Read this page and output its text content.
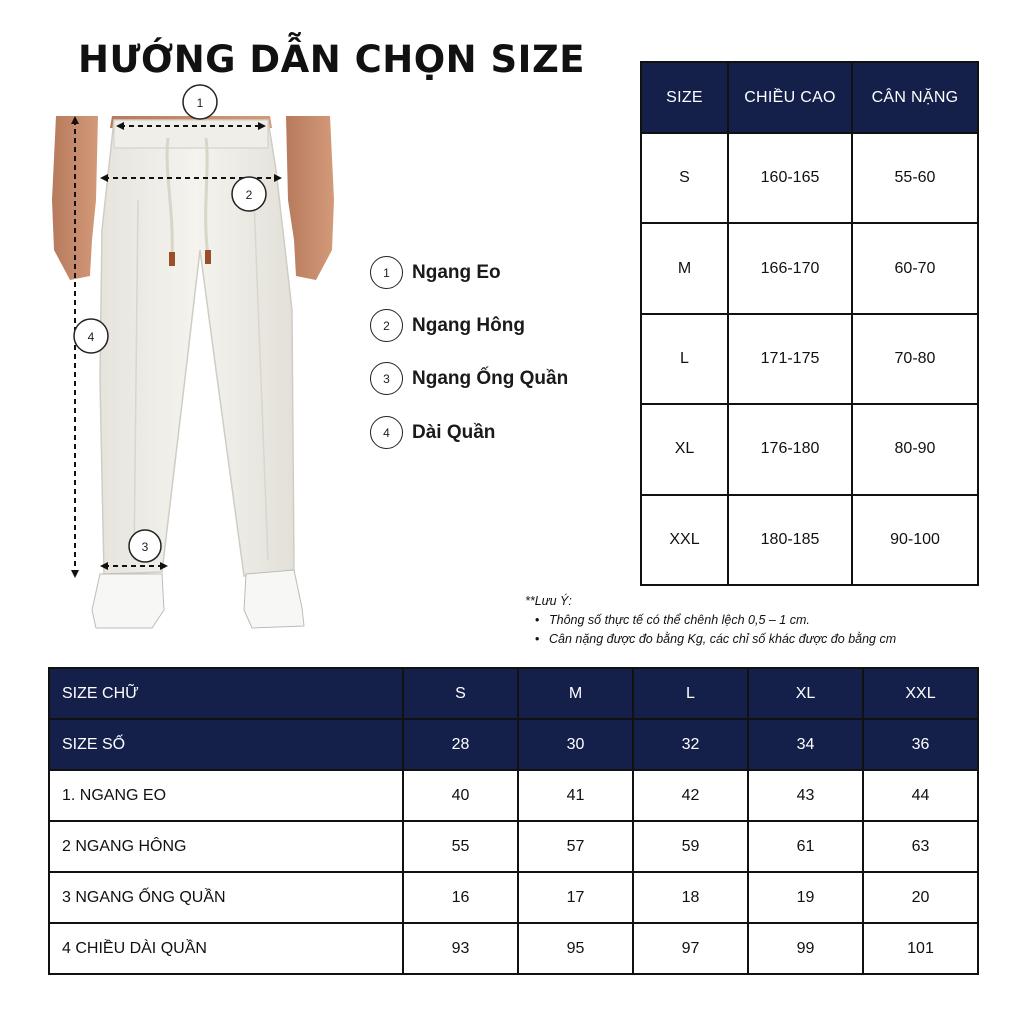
HƯỚNG DẪN CHỌN SIZE
1
2
4
3
1	Ngang Eo
2	Ngang Hông
3	Ngang Ống Quần
4	Dài Quần
SIZE	CHIỀU CAO	CÂN NẶNG
S	160-165	55-60
M	166-170	60-70
L	171-175	70-80
XL	176-180	80-90
XXL	180-185	90-100
**Lưu Ý:
• Thông số thực tế có thể chênh lệch 0,5 – 1 cm.
• Cân nặng được đo bằng Kg, các chỉ số khác được đo bằng cm
SIZE CHỮ	S	M	L	XL	XXL
SIZE SỐ	28	30	32	34	36
1. NGANG EO	40	41	42	43	44
2 NGANG HÔNG	55	57	59	61	63
3 NGANG ỐNG QUẦN	16	17	18	19	20
4 CHIỀU DÀI QUẦN	93	95	97	99	101
